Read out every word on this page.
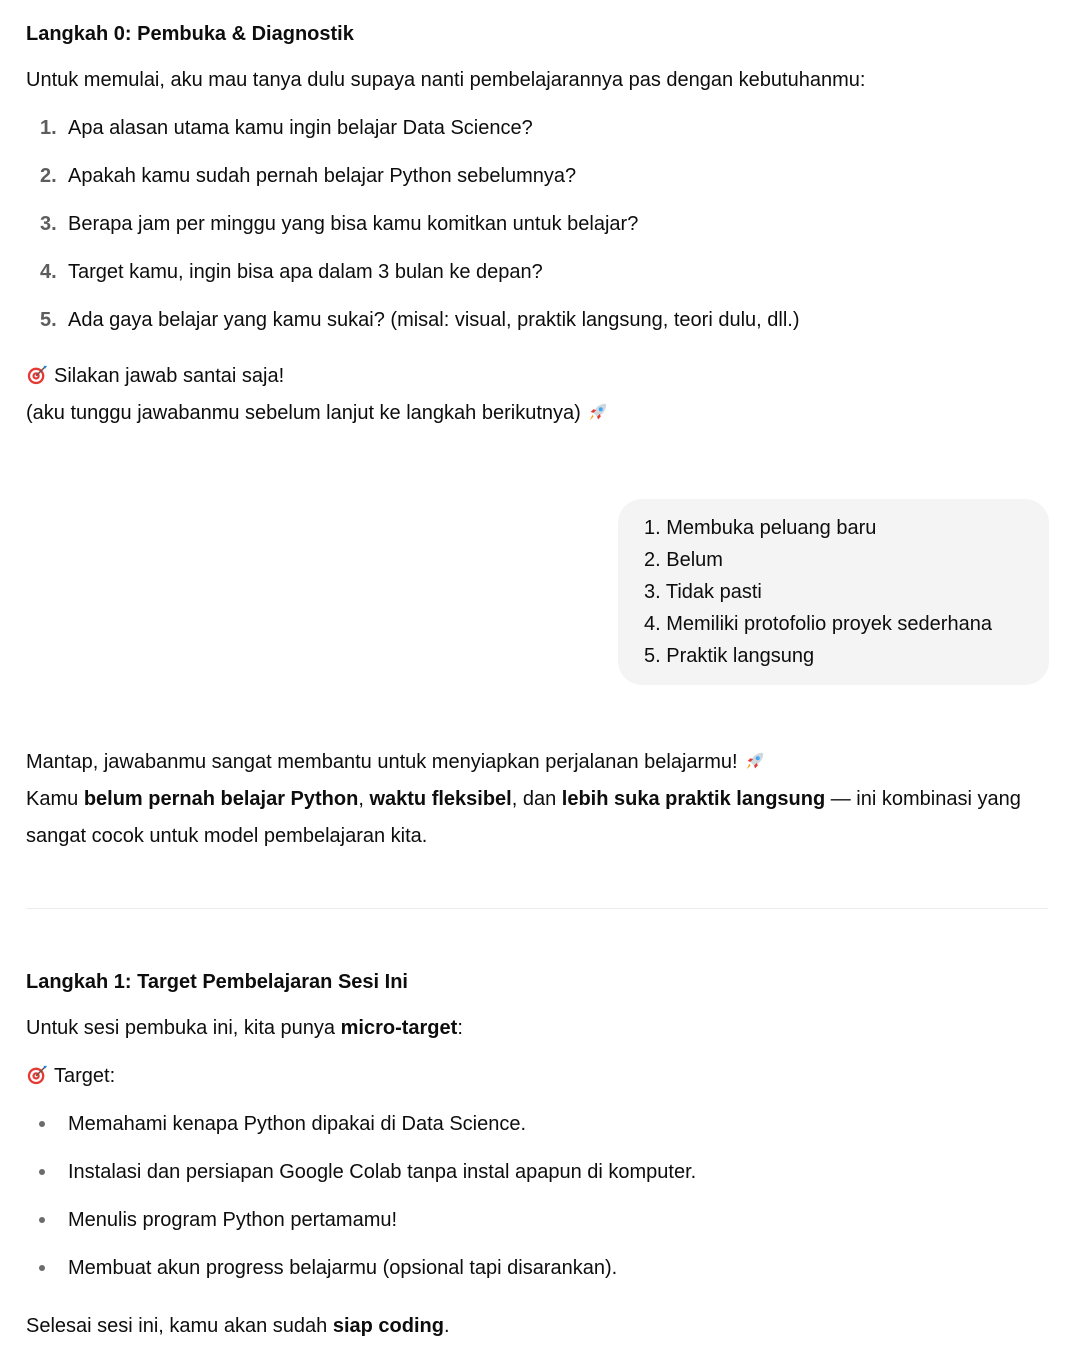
Langkah 0: Pembuka & Diagnostik

Untuk memulai, aku mau tanya dulu supaya nanti pembelajarannya pas dengan kebutuhanmu:

1. Apa alasan utama kamu ingin belajar Data Science?
2. Apakah kamu sudah pernah belajar Python sebelumnya?
3. Berapa jam per minggu yang bisa kamu komitkan untuk belajar?
4. Target kamu, ingin bisa apa dalam 3 bulan ke depan?
5. Ada gaya belajar yang kamu sukai? (misal: visual, praktik langsung, teori dulu, dll.)

Silakan jawab santai saja!

(aku tunggu jawabanmu sebelum lanjut ke langkah berikutnya)

1. Membuka peluang baru
2. Belum
3. Tidak pasti
4. Memiliki protofolio proyek sederhana
5. Praktik langsung

Mantap, jawabanmu sangat membantu untuk menyiapkan perjalanan belajarmu!

Kamu belum pernah belajar Python, waktu fleksibel, dan lebih suka praktik langsung — ini kombinasi yang sangat cocok untuk model pembelajaran kita.

Langkah 1: Target Pembelajaran Sesi Ini

Untuk sesi pembuka ini, kita punya micro-target:

Target:

Memahami kenapa Python dipakai di Data Science.
Instalasi dan persiapan Google Colab tanpa instal apapun di komputer.
Menulis program Python pertamamu!
Membuat akun progress belajarmu (opsional tapi disarankan).

Selesai sesi ini, kamu akan sudah siap coding.
